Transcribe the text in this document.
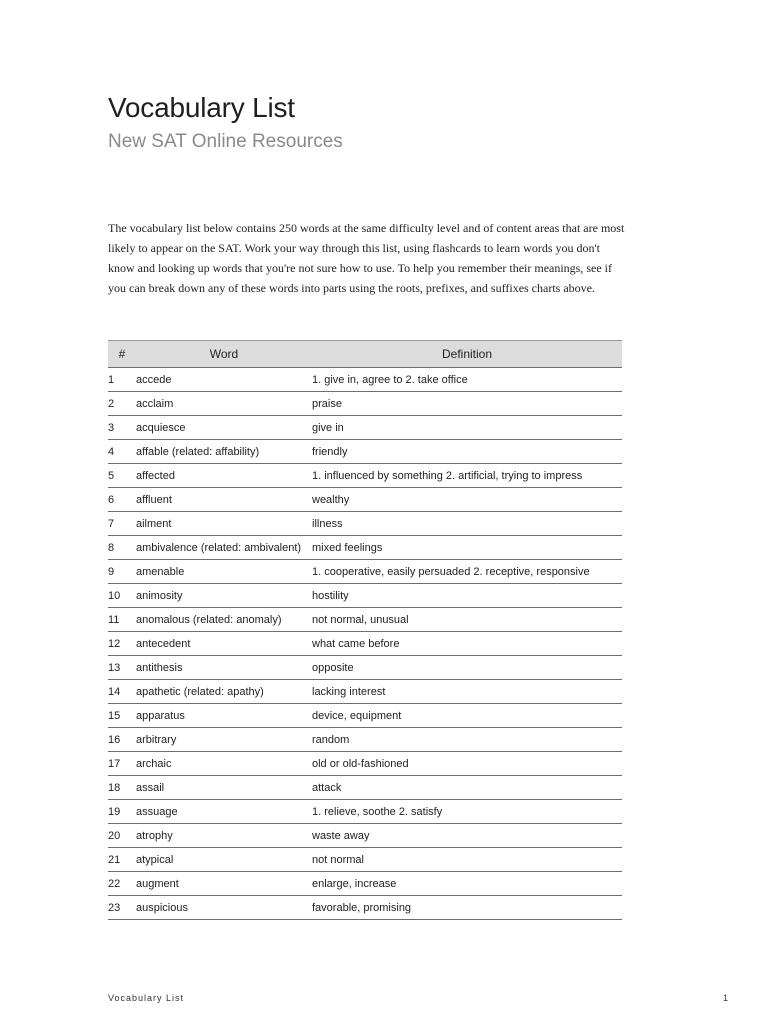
Vocabulary List

New SAT Online Resources

The vocabulary list below contains 250 words at the same difficulty level and of content areas that are most likely to appear on the SAT. Work your way through this list, using flashcards to learn words you don't know and looking up words that you're not sure how to use. To help you remember their meanings, see if you can break down any of these words into parts using the roots, prefixes, and suffixes charts above.

#	Word	Definition
1	accede	1. give in, agree to 2. take office
2	acclaim	praise
3	acquiesce	give in
4	affable (related: affability)	friendly
5	affected	1. influenced by something 2. artificial, trying to impress
6	affluent	wealthy
7	ailment	illness
8	ambivalence (related: ambivalent)	mixed feelings
9	amenable	1. cooperative, easily persuaded 2. receptive, responsive
10	animosity	hostility
11	anomalous (related: anomaly)	not normal, unusual
12	antecedent	what came before
13	antithesis	opposite
14	apathetic (related: apathy)	lacking interest
15	apparatus	device, equipment
16	arbitrary	random
17	archaic	old or old-fashioned
18	assail	attack
19	assuage	1. relieve, soothe 2. satisfy
20	atrophy	waste away
21	atypical	not normal
22	augment	enlarge, increase
23	auspicious	favorable, promising
Vocabulary List	1
